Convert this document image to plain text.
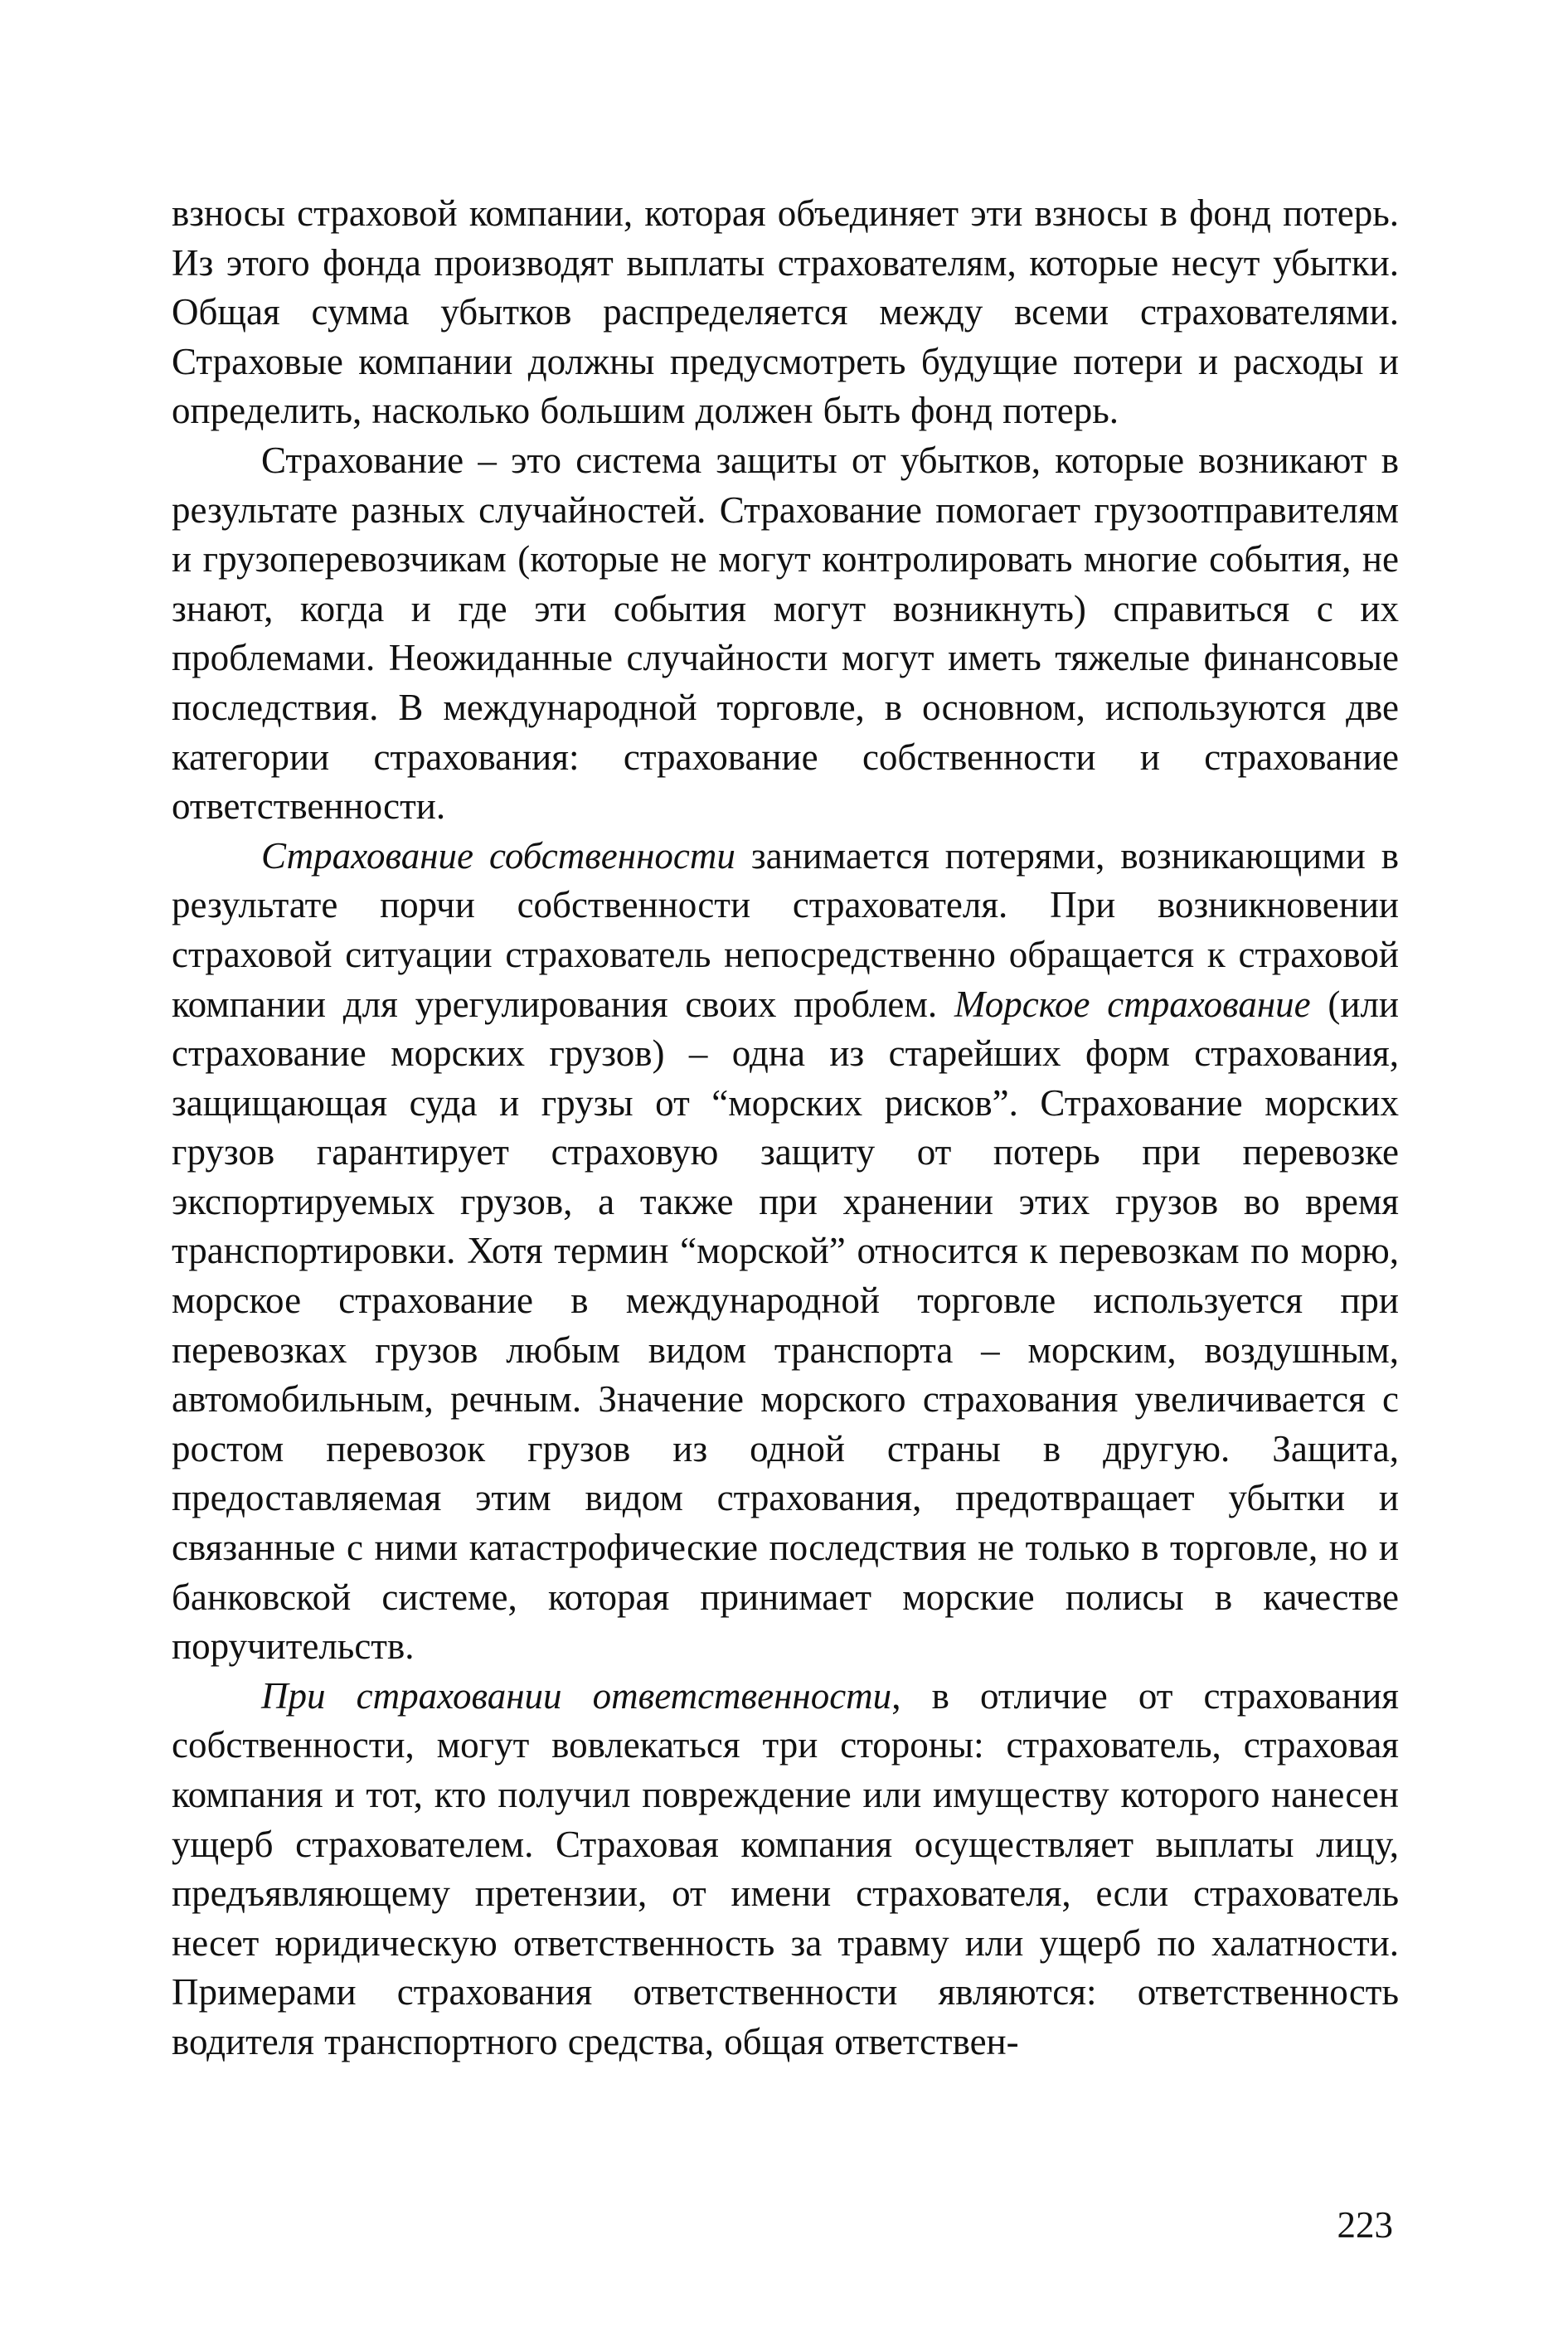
взносы страховой компании, которая объединяет эти взносы в фонд потерь. Из этого фонда производят выплаты страхователям, которые несут убытки. Общая сумма убытков распределяется между всеми страхователями. Страховые компании должны предусмотреть будущие потери и расходы и определить, насколько большим должен быть фонд потерь.

Страхование – это система защиты от убытков, которые возникают в результате разных случайностей. Страхование помогает грузоотправителям и грузоперевозчикам (которые не могут контролировать многие события, не знают, когда и где эти события могут возникнуть) справиться с их проблемами. Неожиданные случайности могут иметь тяжелые финансовые последствия. В международной торговле, в основном, используются две категории страхования: страхование собственности и страхование ответственности.

Страхование собственности занимается потерями, возникающими в результате порчи собственности страхователя. При возникновении страховой ситуации страхователь непосредственно обращается к страховой компании для урегулирования своих проблем. Морское страхование (или страхование морских грузов) – одна из старейших форм страхования, защищающая суда и грузы от “морских рисков”. Страхование морских грузов гарантирует страховую защиту от потерь при перевозке экспортируемых грузов, а также при хранении этих грузов во время транспортировки. Хотя термин “морской” относится к перевозкам по морю, морское страхование в международной торговле используется при перевозках грузов любым видом транспорта – морским, воздушным, автомобильным, речным. Значение морского страхования увеличивается с ростом перевозок грузов из одной страны в другую. Защита, предоставляемая этим видом страхования, предотвращает убытки и связанные с ними катастрофические последствия не только в торговле, но и банковской системе, которая принимает морские полисы в качестве поручительств.

При страховании ответственности, в отличие от страхования собственности, могут вовлекаться три стороны: страхователь, страховая компания и тот, кто получил повреждение или имуществу которого нанесен ущерб страхователем. Страховая компания осуществляет выплаты лицу, предъявляющему претензии, от имени страхователя, если страхователь несет юридическую ответственность за травму или ущерб по халатности. Примерами страхования ответственности являются: ответственность водителя транспортного средства, общая ответствен-

223
